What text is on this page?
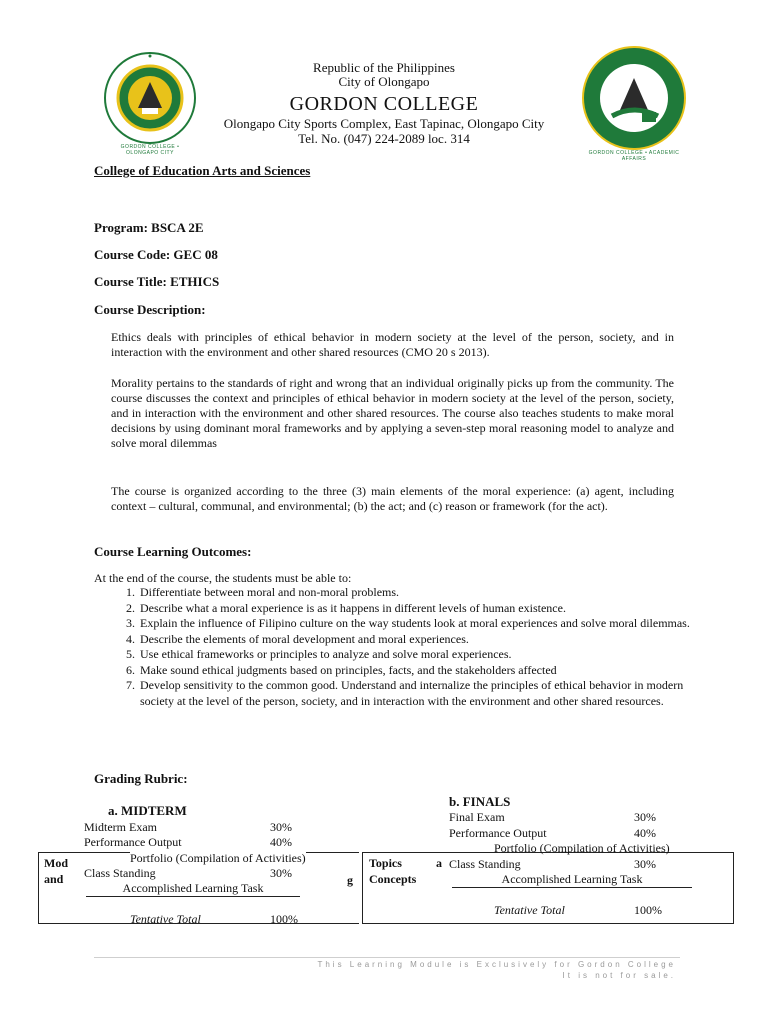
GORDON COLLEGE • OLONGAPO CITY	GORDON COLLEGE • ACADEMIC AFFAIRS
Republic of the Philippines
City of Olongapo
GORDON COLLEGE
Olongapo City Sports Complex, East Tapinac, Olongapo City
Tel. No. (047) 224-2089 loc. 314
College of Education Arts and Sciences
Program: BSCA 2E
Course Code: GEC 08
Course Title: ETHICS
Course Description:
Ethics deals with principles of ethical behavior in modern society at the level of the person, society, and in interaction with the environment and other shared resources (CMO 20 s 2013).
Morality pertains to the standards of right and wrong that an individual originally picks up from the community. The course discusses the context and principles of ethical behavior in modern society at the level of the person, society, and in interaction with the environment and other shared resources. The course also teaches students to make moral decisions by using dominant moral frameworks and by applying a seven-step moral reasoning model to analyze and solve moral dilemmas
The course is organized according to the three (3) main elements of the moral experience: (a) agent, including context – cultural, communal, and environmental; (b) the act; and (c) reason or framework (for the act).
Course Learning Outcomes:
At the end of the course, the students must be able to:
1. Differentiate between moral and non-moral problems.
2. Describe what a moral experience is as it happens in different levels of human existence.
3. Explain the influence of Filipino culture on the way students look at moral experiences and solve moral dilemmas.
4. Describe the elements of moral development and moral experiences.
5. Use ethical frameworks or principles to analyze and solve moral experiences.
6. Make sound ethical judgments based on principles, facts, and the stakeholders affected
7. Develop sensitivity to the common good. Understand and internalize the principles of ethical behavior in modern society at the level of the person, society, and in interaction with the environment and other shared resources.
Grading Rubric:
Mod
and	g
Topics	a
Concepts
a. MIDTERM
Midterm Exam	30%
Performance Output	40%
Portfolio (Compilation of Activities)
Class Standing	30%
Accomplished Learning Task
Tentative Total	100%
b. FINALS
Final Exam	30%
Performance Output	40%
Portfolio (Compilation of Activities)
Class Standing	30%
Accomplished Learning Task
Tentative Total	100%
This Learning Module is Exclusively for Gordon College
It is not for sale.
